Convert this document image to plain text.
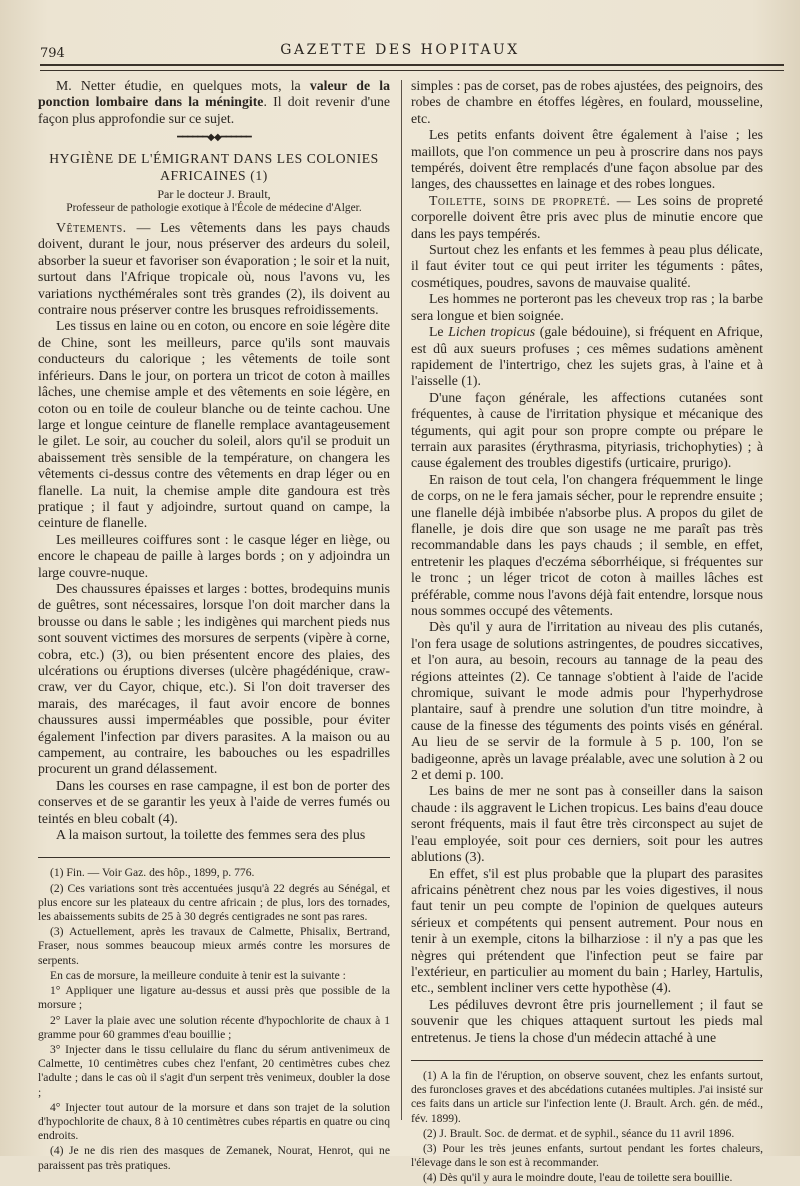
794	GAZETTE DES HOPITAUX

M. Netter étudie, en quelques mots, la valeur de la ponction lombaire dans la méningite. Il doit revenir d'une façon plus approfondie sur ce sujet.

━━━━━━◆◆━━━━━━
HYGIÈNE DE L'ÉMIGRANT DANS LES COLONIES AFRICAINES (1)
Par le docteur J. Brault,
Professeur de pathologie exotique à l'École de médecine d'Alger.

Vêtements. — Les vêtements dans les pays chauds doivent, durant le jour, nous préserver des ardeurs du soleil, absorber la sueur et favoriser son évaporation ; le soir et la nuit, surtout dans l'Afrique tropicale où, nous l'avons vu, les variations nycthémérales sont très grandes (2), ils doivent au contraire nous préserver contre les brusques refroidissements.

Les tissus en laine ou en coton, ou encore en soie légère dite de Chine, sont les meilleurs, parce qu'ils sont mauvais conducteurs du calorique ; les vêtements de toile sont inférieurs. Dans le jour, on portera un tricot de coton à mailles lâches, une chemise ample et des vêtements en soie légère, en coton ou en toile de couleur blanche ou de teinte cachou. Une large et longue ceinture de flanelle remplace avantageusement le gilet. Le soir, au coucher du soleil, alors qu'il se produit un abaissement très sensible de la température, on changera les vêtements ci-dessus contre des vêtements en drap léger ou en flanelle. La nuit, la chemise ample dite gandoura est très pratique ; il faut y adjoindre, surtout quand on campe, la ceinture de flanelle.

Les meilleures coiffures sont : le casque léger en liège, ou encore le chapeau de paille à larges bords ; on y adjoindra un large couvre-nuque.

Des chaussures épaisses et larges : bottes, brodequins munis de guêtres, sont nécessaires, lorsque l'on doit marcher dans la brousse ou dans le sable ; les indigènes qui marchent pieds nus sont souvent victimes des morsures de serpents (vipère à corne, cobra, etc.) (3), ou bien présentent encore des plaies, des ulcérations ou éruptions diverses (ulcère phagédénique, craw-craw, ver du Cayor, chique, etc.). Si l'on doit traverser des marais, des marécages, il faut avoir encore de bonnes chaussures aussi imperméables que possible, pour éviter également l'infection par divers parasites. A la maison ou au campement, au contraire, les babouches ou les espadrilles procurent un grand délassement.

Dans les courses en rase campagne, il est bon de porter des conserves et de se garantir les yeux à l'aide de verres fumés ou teintés en bleu cobalt (4).

A la maison surtout, la toilette des femmes sera des plus

(1) Fin. — Voir Gaz. des hôp., 1899, p. 776.

(2) Ces variations sont très accentuées jusqu'à 22 degrés au Sénégal, et plus encore sur les plateaux du centre africain ; de plus, lors des tornades, les abaissements subits de 25 à 30 degrés centigrades ne sont pas rares.

(3) Actuellement, après les travaux de Calmette, Phisalix, Bertrand, Fraser, nous sommes beaucoup mieux armés contre les morsures de serpents.

En cas de morsure, la meilleure conduite à tenir est la suivante :

1° Appliquer une ligature au-dessus et aussi près que possible de la morsure ;

2° Laver la plaie avec une solution récente d'hypochlorite de chaux à 1 gramme pour 60 grammes d'eau bouillie ;

3° Injecter dans le tissu cellulaire du flanc du sérum antivenimeux de Calmette, 10 centimètres cubes chez l'enfant, 20 centimètres cubes chez l'adulte ; dans le cas où il s'agit d'un serpent très venimeux, doubler la dose ;

4° Injecter tout autour de la morsure et dans son trajet de la solution d'hypochlorite de chaux, 8 à 10 centimètres cubes répartis en quatre ou cinq endroits.

(4) Je ne dis rien des masques de Zemanek, Nourat, Henrot, qui ne paraissent pas très pratiques.

simples : pas de corset, pas de robes ajustées, des peignoirs, des robes de chambre en étoffes légères, en foulard, mousseline, etc.

Les petits enfants doivent être également à l'aise ; les maillots, que l'on commence un peu à proscrire dans nos pays tempérés, doivent être remplacés d'une façon absolue par des langes, des chaussettes en lainage et des robes longues.

Toilette, soins de propreté. — Les soins de propreté corporelle doivent être pris avec plus de minutie encore que dans les pays tempérés.

Surtout chez les enfants et les femmes à peau plus délicate, il faut éviter tout ce qui peut irriter les téguments : pâtes, cosmétiques, poudres, savons de mauvaise qualité.

Les hommes ne porteront pas les cheveux trop ras ; la barbe sera longue et bien soignée.

Le Lichen tropicus (gale bédouine), si fréquent en Afrique, est dû aux sueurs profuses ; ces mêmes sudations amènent rapidement de l'intertrigo, chez les sujets gras, à l'aine et à l'aisselle (1).

D'une façon générale, les affections cutanées sont fréquentes, à cause de l'irritation physique et mécanique des téguments, qui agit pour son propre compte ou prépare le terrain aux parasites (érythrasma, pityriasis, trichophyties) ; à cause également des troubles digestifs (urticaire, prurigo).

En raison de tout cela, l'on changera fréquemment le linge de corps, on ne le fera jamais sécher, pour le reprendre ensuite ; une flanelle déjà imbibée n'absorbe plus. A propos du gilet de flanelle, je dois dire que son usage ne me paraît pas très recommandable dans les pays chauds ; il semble, en effet, entretenir les plaques d'eczéma séborrhéique, si fréquentes sur le tronc ; un léger tricot de coton à mailles lâches est préférable, comme nous l'avons déjà fait entendre, lorsque nous nous sommes occupé des vêtements.

Dès qu'il y aura de l'irritation au niveau des plis cutanés, l'on fera usage de solutions astringentes, de poudres siccatives, et l'on aura, au besoin, recours au tannage de la peau des régions atteintes (2). Ce tannage s'obtient à l'aide de l'acide chromique, suivant le mode admis pour l'hyperhydrose plantaire, sauf à prendre une solution d'un titre moindre, à cause de la finesse des téguments des points visés en général. Au lieu de se servir de la formule à 5 p. 100, l'on se badigeonne, après un lavage préalable, avec une solution à 2 ou 2 et demi p. 100.

Les bains de mer ne sont pas à conseiller dans la saison chaude : ils aggravent le Lichen tropicus. Les bains d'eau douce seront fréquents, mais il faut être très circonspect au sujet de l'eau employée, soit pour ces derniers, soit pour les autres ablutions (3).

En effet, s'il est plus probable que la plupart des parasites africains pénètrent chez nous par les voies digestives, il nous faut tenir un peu compte de l'opinion de quelques auteurs sérieux et compétents qui pensent autrement. Pour nous en tenir à un exemple, citons la bilharziose : il n'y a pas que les nègres qui prétendent que l'infection peut se faire par l'extérieur, en particulier au moment du bain ; Harley, Hartulis, etc., semblent incliner vers cette hypothèse (4).

Les pédiluves devront être pris journellement ; il faut se souvenir que les chiques attaquent surtout les pieds mal entretenus. Je tiens la chose d'un médecin attaché à une

(1) A la fin de l'éruption, on observe souvent, chez les enfants surtout, des furoncloses graves et des abcédations cutanées multiples. J'ai insisté sur ces faits dans un article sur l'infection lente (J. Brault. Arch. gén. de méd., fév. 1899).

(2) J. Brault. Soc. de dermat. et de syphil., séance du 11 avril 1896.

(3) Pour les très jeunes enfants, surtout pendant les fortes chaleurs, l'élevage dans le son est à recommander.

(4) Dès qu'il y aura le moindre doute, l'eau de toilette sera bouillie.
